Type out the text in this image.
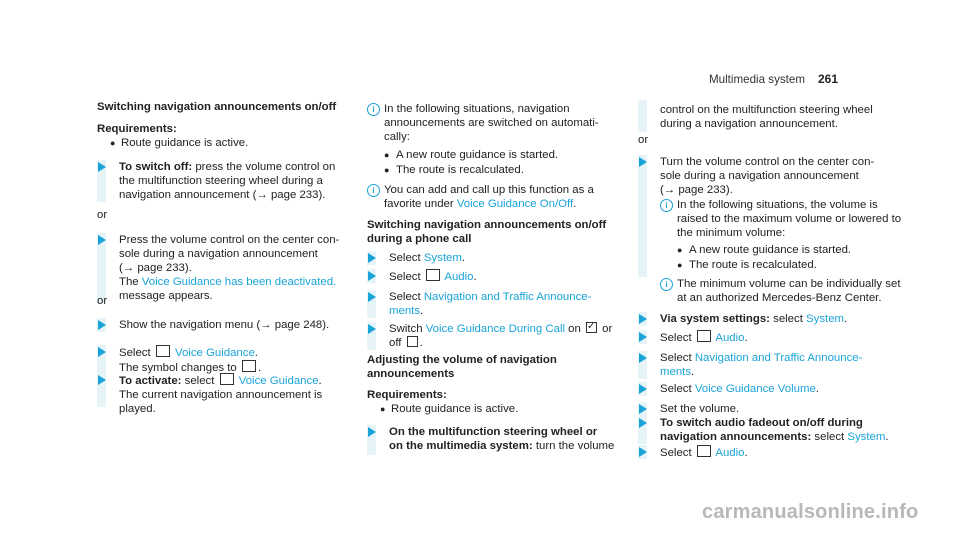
Multimedia system 261
Switching navigation announcements on/off
Requirements:
● Route guidance is active.
To switch off: press the volume control on
the multifunction steering wheel during a
navigation announcement (→ page 233).
or
Press the volume control on the center con-
sole during a navigation announcement
(→ page 233).
The Voice Guidance has been deactivated.
message appears.
or
Show the navigation menu (→ page 248).
Select  Voice Guidance.
The symbol changes to .
To activate: select  Voice Guidance.
The current navigation announcement is
played.
i In the following situations, navigation
announcements are switched on automati-
cally:
● A new route guidance is started.
● The route is recalculated.
i You can add and call up this function as a
favorite under Voice Guidance On/Off.
Switching navigation announcements on/off
during a phone call
Select System.
Select  Audio.
Select Navigation and Traffic Announce-
ments.
Switch Voice Guidance During Call on ✓ or
off .
Adjusting the volume of navigation
announcements
Requirements:
● Route guidance is active.
On the multifunction steering wheel or
on the multimedia system: turn the volume
control on the multifunction steering wheel
during a navigation announcement.
or
Turn the volume control on the center con-
sole during a navigation announcement
(→ page 233).
i In the following situations, the volume is
raised to the maximum volume or lowered to
the minimum volume:
● A new route guidance is started.
● The route is recalculated.
i The minimum volume can be individually set
at an authorized Mercedes-Benz Center.
Via system settings: select System.
Select  Audio.
Select Navigation and Traffic Announce-
ments.
Select Voice Guidance Volume.
Set the volume.
To switch audio fadeout on/off during
navigation announcements: select System.
Select  Audio.
carmanualsonline.info
